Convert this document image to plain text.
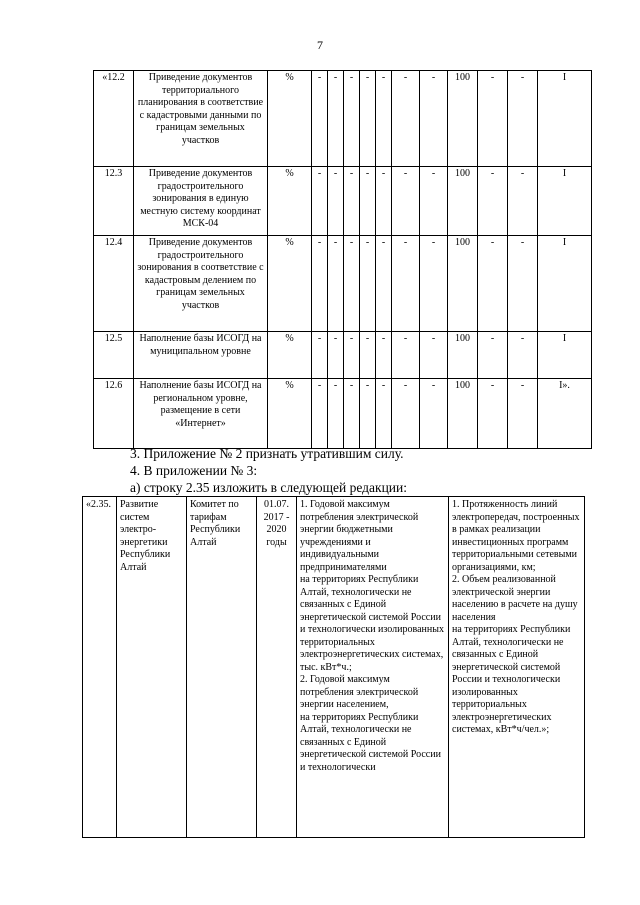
7
«12.2	Приведение документов территориального планирования в соответствие с кадастровыми данными по границам земельных участков	%	-	-	-	-	-	-	-	100	-	-	I
12.3	Приведение документов градостроительного зонирования в единую местную систему координат МСК-04	%	-	-	-	-	-	-	-	100	-	-	I
12.4	Приведение документов градостроительного зонирования в соответствие с кадастровым делением по границам земельных участков	%	-	-	-	-	-	-	-	100	-	-	I
12.5	Наполнение базы ИСОГД на муниципальном уровне	%	-	-	-	-	-	-	-	100	-	-	I
12.6	Наполнение базы ИСОГД на региональном уровне, размещение в сети «Интернет»	%	-	-	-	-	-	-	-	100	-	-	I».
3. Приложение № 2 признать утратившим силу.
4. В приложении № 3:
а) строку 2.35 изложить в следующей редакции:
«2.35.	Развитие систем электро-энергетики Республики Алтай	Комитет по тарифам Республики Алтай	01.07. 2017 - 2020 годы	1. Годовой максимум потребления электрической энергии бюджетными учреждениями и индивидуальными предпринимателями
на территориях Республики Алтай, технологически не связанных с Единой энергетической системой России и технологически изолированных территориальных электроэнергетических системах,
тыс. кВт*ч.;
2. Годовой максимум потребления электрической энергии населением,
на территориях Республики Алтай, технологически не связанных с Единой энергетической системой России и технологически	1. Протяженность линий электропередач, построенных в рамках реализации инвестиционных программ территориальными сетевыми организациями, км;
2. Объем реализованной электрической энергии населению в расчете на душу населения
на территориях Республики Алтай, технологически не связанных с Единой энергетической системой России и технологически изолированных территориальных электроэнергетических системах, кВт*ч/чел.»;
